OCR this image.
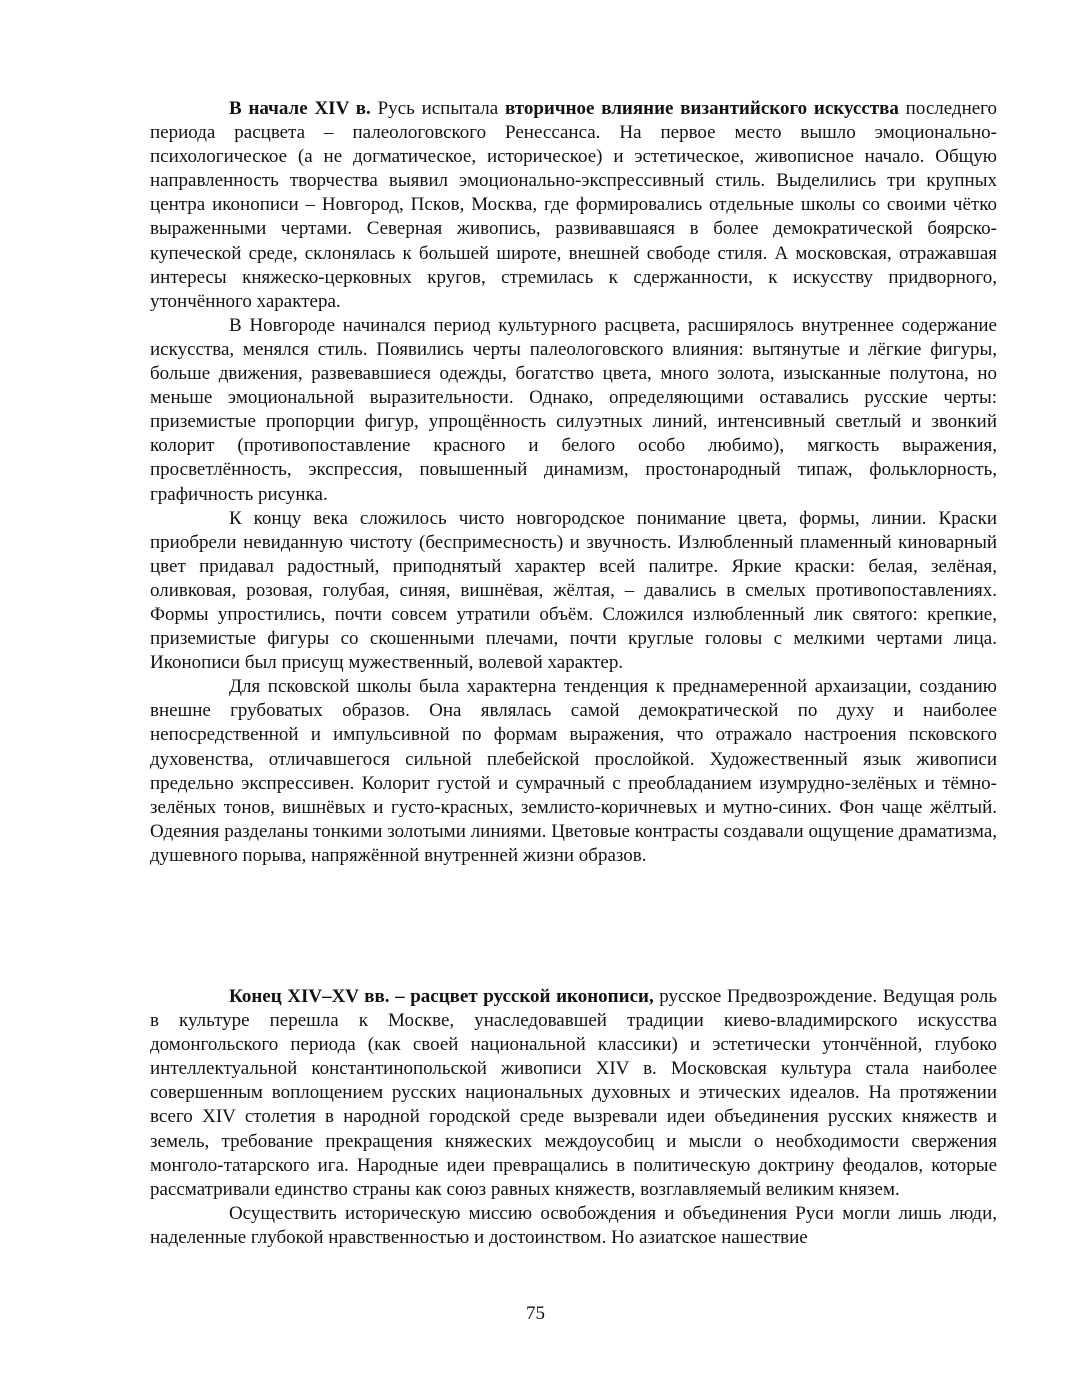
В начале XIV в. Русь испытала вторичное влияние византийского искусства последнего периода расцвета – палеологовского Ренессанса. На первое место вышло эмоционально-психологическое (а не догматическое, историческое) и эстетическое, живописное начало. Общую направленность творчества выявил эмоционально-экспрессивный стиль. Выделились три крупных центра иконописи – Новгород, Псков, Москва, где формировались отдельные школы со своими чётко выраженными чертами. Северная живопись, развивавшаяся в более демократической боярско-купеческой среде, склонялась к большей широте, внешней свободе стиля. А московская, отражавшая интересы княжеско-церковных кругов, стремилась к сдержанности, к искусству придворного, утончённого характера.

В Новгороде начинался период культурного расцвета, расширялось внутреннее содержание искусства, менялся стиль. Появились черты палеологовского влияния: вытянутые и лёгкие фигуры, больше движения, развевавшиеся одежды, богатство цвета, много золота, изысканные полутона, но меньше эмоциональной выразительности. Однако, определяющими оставались русские черты: приземистые пропорции фигур, упрощённость силуэтных линий, интенсивный светлый и звонкий колорит (противопоставление красного и белого особо любимо), мягкость выражения, просветлённость, экспрессия, повышенный динамизм, простонародный типаж, фольклорность, графичность рисунка.

К концу века сложилось чисто новгородское понимание цвета, формы, линии. Краски приобрели невиданную чистоту (беспримесность) и звучность. Излюбленный пламенный киноварный цвет придавал радостный, приподнятый характер всей палитре. Яркие краски: белая, зелёная, оливковая, розовая, голубая, синяя, вишнёвая, жёлтая, – давались в смелых противопоставлениях. Формы упростились, почти совсем утратили объём. Сложился излюбленный лик святого: крепкие, приземистые фигуры со скошенными плечами, почти круглые головы с мелкими чертами лица. Иконописи был присущ мужественный, волевой характер.

Для псковской школы была характерна тенденция к преднамеренной архаизации, созданию внешне грубоватых образов. Она являлась самой демократической по духу и наиболее непосредственной и импульсивной по формам выражения, что отражало настроения псковского духовенства, отличавшегося сильной плебейской прослойкой. Художественный язык живописи предельно экспрессивен. Колорит густой и сумрачный с преобладанием изумрудно-зелёных и тёмно-зелёных тонов, вишнёвых и густо-красных, землисто-коричневых и мутно-синих. Фон чаще жёлтый. Одеяния разделаны тонкими золотыми линиями. Цветовые контрасты создавали ощущение драматизма, душевного порыва, напряжённой внутренней жизни образов.

Конец XIV–XV вв. – расцвет русской иконописи, русское Предвозрождение. Ведущая роль в культуре перешла к Москве, унаследовавшей традиции киево-владимирского искусства домонгольского периода (как своей национальной классики) и эстетически утончённой, глубоко интеллектуальной константинопольской живописи XIV в. Московская культура стала наиболее совершенным воплощением русских национальных духовных и этических идеалов. На протяжении всего XIV столетия в народной городской среде вызревали идеи объединения русских княжеств и земель, требование прекращения княжеских междоусобиц и мысли о необходимости свержения монголо-татарского ига. Народные идеи превращались в политическую доктрину феодалов, которые рассматривали единство страны как союз равных княжеств, возглавляемый великим князем.

Осуществить историческую миссию освобождения и объединения Руси могли лишь люди, наделенные глубокой нравственностью и достоинством. Но азиатское нашествие

75
